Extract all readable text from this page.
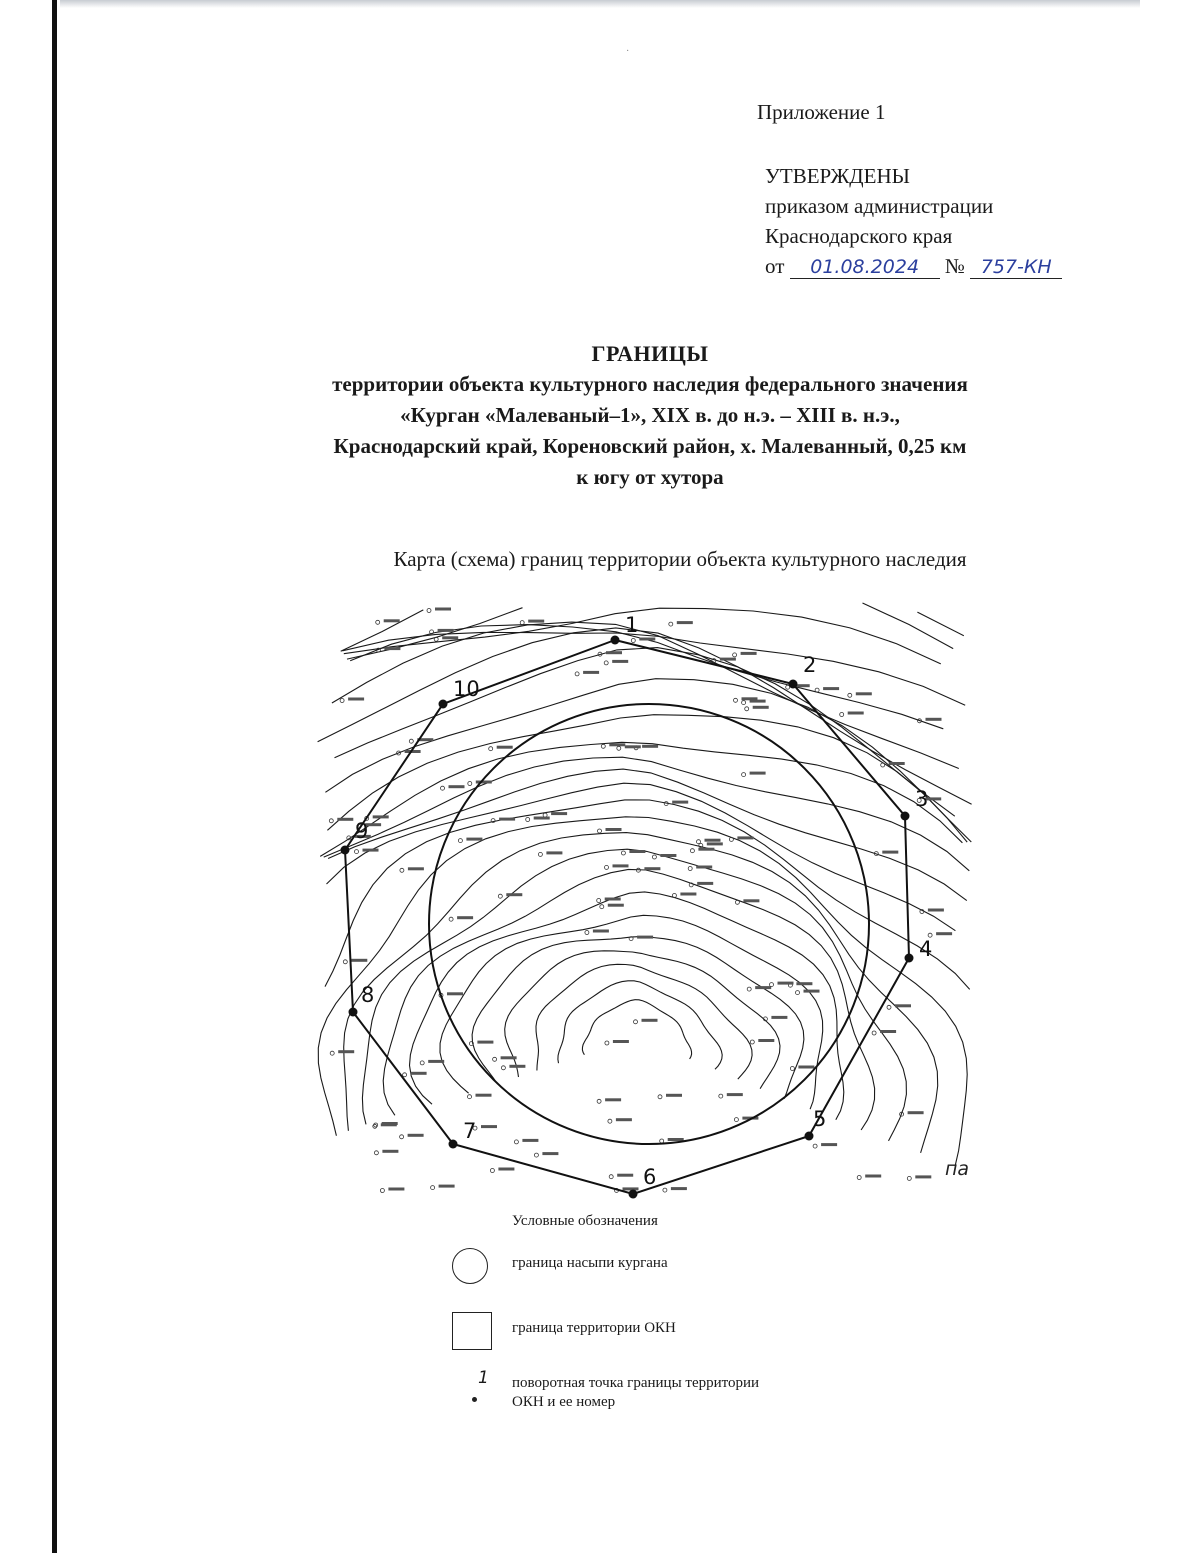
·
Приложение 1
УТВЕРЖДЕНЫ
приказом администрации
Краснодарского края
от 01.08.2024 № 757-КН
ГРАНИЦЫ
территории объекта культурного наследия федерального значения
«Курган «Малеваный–1», XIX в. до н.э. – XIII в. н.э.,
Краснодарский край, Кореновский район, х. Малеванный, 0,25 км
к югу от хутора
Карта (схема) границ территории объекта культурного наследия
1
2
3
4
5
6
7
8
9
10
па
Условные обозначения
граница насыпи кургана
граница территории ОКН
1 поворотная точка границы территории
ОКН и ее номер
